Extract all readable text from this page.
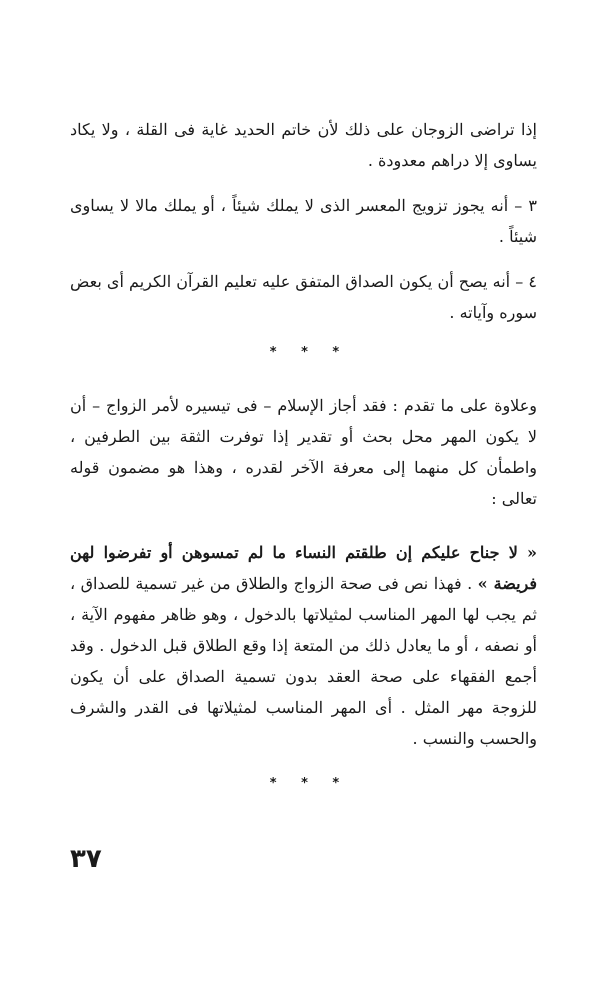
إذا تراضى الزوجان على ذلك لأن خاتم الحديد غاية فى القلة ، ولا يكاد يساوى إلا دراهم معدودة .

٣ – أنه يجوز تزويج المعسر الذى لا يملك شيئاً ، أو يملك مالا لا يساوى شيئاً .

٤ – أنه يصح أن يكون الصداق المتفق عليه تعليم القرآن الكريم أى بعض سوره وآياته .

* * *

وعلاوة على ما تقدم : فقد أجاز الإسلام – فى تيسيره لأمر الزواج – أن لا يكون المهر محل بحث أو تقدير إذا توفرت الثقة بين الطرفين ، واطمأن كل منهما إلى معرفة الآخر لقدره ، وهذا هو مضمون قوله تعالى :

« لا جناح عليكم إن طلقتم النساء ما لم تمسوهن أو تفرضوا لهن فريضة » . فهذا نص فى صحة الزواج والطلاق من غير تسمية للصداق ، ثم يجب لها المهر المناسب لمثيلاتها بالدخول ، وهو ظاهر مفهوم الآية ، أو نصفه ، أو ما يعادل ذلك من المتعة إذا وقع الطلاق قبل الدخول . وقد أجمع الفقهاء على صحة العقد بدون تسمية الصداق على أن يكون للزوجة مهر المثل . أى المهر المناسب لمثيلاتها فى القدر والشرف والحسب والنسب .

* * *
٣٧
